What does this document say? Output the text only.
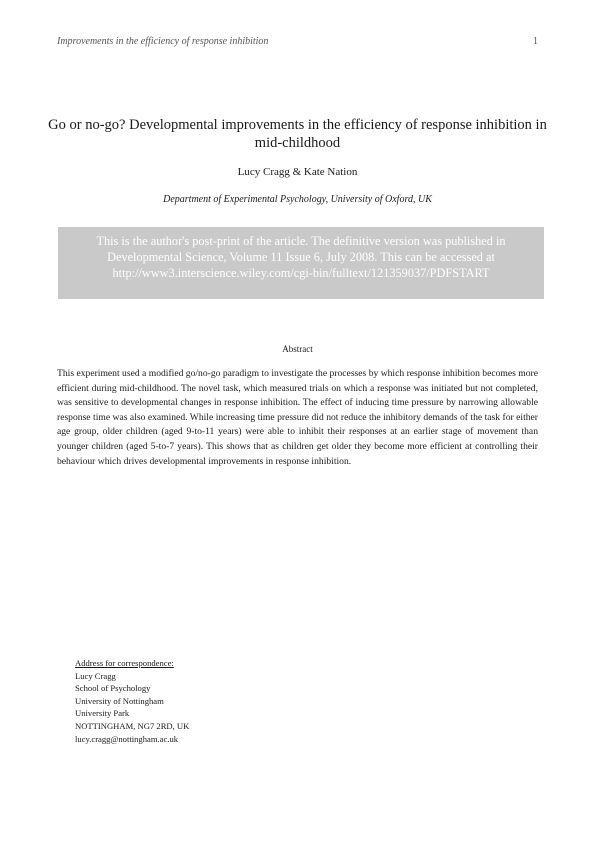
Improvements in the efficiency of response inhibition	1
Go or no-go? Developmental improvements in the efficiency of response inhibition in mid-childhood
Lucy Cragg & Kate Nation
Department of Experimental Psychology, University of Oxford, UK
This is the author's post-print of the article. The definitive version was published in Developmental Science, Volume 11 Issue 6, July 2008. This can be accessed at http://www3.interscience.wiley.com/cgi-bin/fulltext/121359037/PDFSTART
Abstract

This experiment used a modified go/no-go paradigm to investigate the processes by which response inhibition becomes more efficient during mid-childhood. The novel task, which measured trials on which a response was initiated but not completed, was sensitive to developmental changes in response inhibition. The effect of inducing time pressure by narrowing allowable response time was also examined. While increasing time pressure did not reduce the inhibitory demands of the task for either age group, older children (aged 9-to-11 years) were able to inhibit their responses at an earlier stage of movement than younger children (aged 5-to-7 years). This shows that as children get older they become more efficient at controlling their behaviour which drives developmental improvements in response inhibition.

Address for correspondence:
Lucy Cragg
School of Psychology
University of Nottingham
University Park
NOTTINGHAM, NG7 2RD, UK
lucy.cragg@nottingham.ac.uk
